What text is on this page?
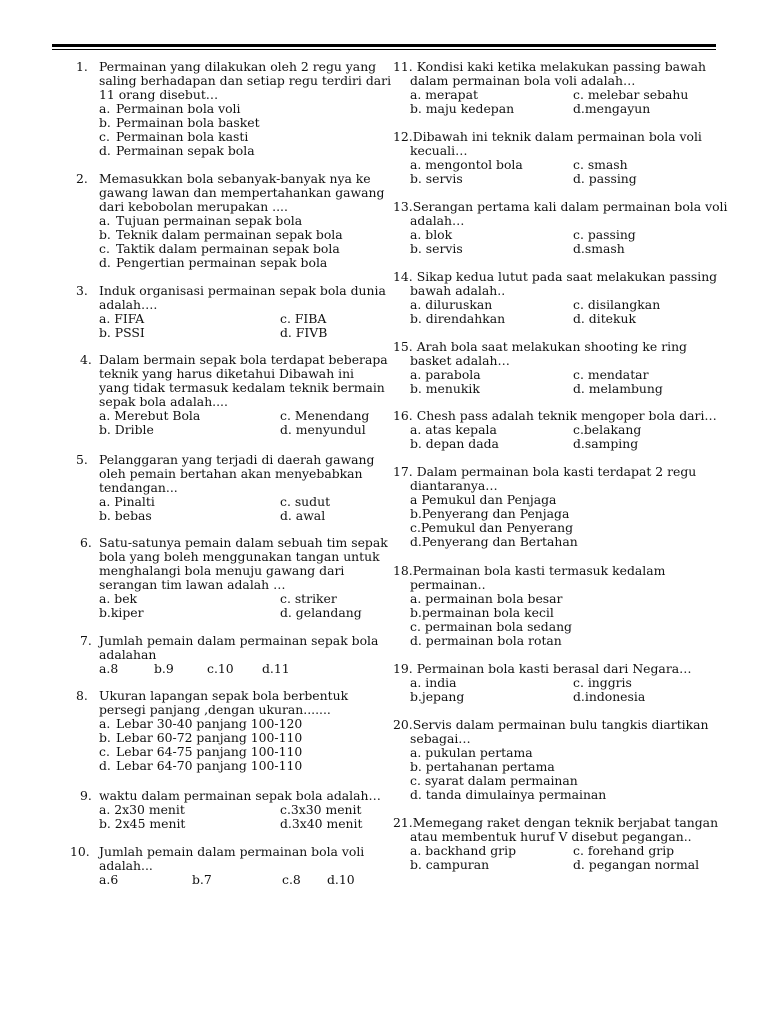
1. Permainan yang dilakukan oleh 2 regu yang
saling berhadapan dan setiap regu terdiri dari
11 orang disebut…
a. Permainan bola voli
b. Permainan bola basket
c. Permainan bola kasti
d. Permainan sepak bola
2. Memasukkan bola sebanyak-banyak nya ke
gawang lawan dan mempertahankan gawang
dari kebobolan merupakan ....
a. Tujuan permainan sepak bola
b. Teknik dalam permainan sepak bola
c. Taktik dalam permainan sepak bola
d. Pengertian permainan sepak bola
3. Induk organisasi permainan sepak bola dunia
adalah….
a. FIFA	c. FIBA
b. PSSI	d. FIVB
4. Dalam bermain sepak bola terdapat beberapa
teknik yang harus diketahui Dibawah ini
yang tidak termasuk kedalam teknik bermain
sepak bola adalah....
a. Merebut Bola	c. Menendang
b. Drible	d. menyundul
5. Pelanggaran yang terjadi di daerah gawang
oleh pemain bertahan akan menyebabkan
tendangan...
a. Pinalti	c. sudut
b. bebas	d. awal
6. Satu-satunya pemain dalam sebuah tim sepak
bola yang boleh menggunakan tangan untuk
menghalangi bola menuju gawang dari
serangan tim lawan adalah …
a. bek	c. striker
b.kiper	d. gelandang
7. Jumlah pemain dalam permainan sepak bola
adalahan
a.8	b.9	c.10 d.11
8. Ukuran lapangan sepak bola berbentuk
persegi panjang ,dengan ukuran.......
a. Lebar 30-40 panjang 100-120
b. Lebar 60-72 panjang 100-110
c. Lebar 64-75 panjang 100-110
d. Lebar 64-70 panjang 100-110
9. waktu dalam permainan sepak bola adalah…
a. 2x30 menit	c.3x30 menit
b. 2x45 menit	d.3x40 menit
10. Jumlah pemain dalam permainan bola voli
adalah...
a.6	b.7	c.8 d.10
11. Kondisi kaki ketika melakukan passing bawah
dalam permainan bola voli adalah…
a. merapat	c. melebar sebahu
b. maju kedepan	d.mengayun
12.Dibawah ini teknik dalam permainan bola voli
kecuali…
a. mengontol bola	c. smash
b. servis	d. passing
13.Serangan pertama kali dalam permainan bola voli
adalah…
a. blok	c. passing
b. servis	d.smash
14. Sikap kedua lutut pada saat melakukan passing
bawah adalah..
a. diluruskan	c. disilangkan
b. direndahkan	d. ditekuk
15. Arah bola saat melakukan shooting ke ring
basket adalah…
a. parabola	c. mendatar
b. menukik	d. melambung
16. Chesh pass adalah teknik mengoper bola dari…
a. atas kepala	c.belakang
b. depan dada	d.samping
17. Dalam permainan bola kasti terdapat 2 regu
diantaranya…
a Pemukul dan Penjaga
b.Penyerang dan Penjaga
c.Pemukul dan Penyerang
d.Penyerang dan Bertahan
18.Permainan bola kasti termasuk kedalam
permainan..
a. permainan bola besar
b.permainan bola kecil
c. permainan bola sedang
d. permainan bola rotan
19. Permainan bola kasti berasal dari Negara…
a. india	c. inggris
b.jepang	d.indonesia
20.Servis dalam permainan bulu tangkis diartikan
sebagai…
a. pukulan pertama
b. pertahanan pertama
c. syarat dalam permainan
d. tanda dimulainya permainan
21.Memegang raket dengan teknik berjabat tangan
atau membentuk huruf V disebut pegangan..
a. backhand grip	c. forehand grip
b. campuran	d. pegangan normal
